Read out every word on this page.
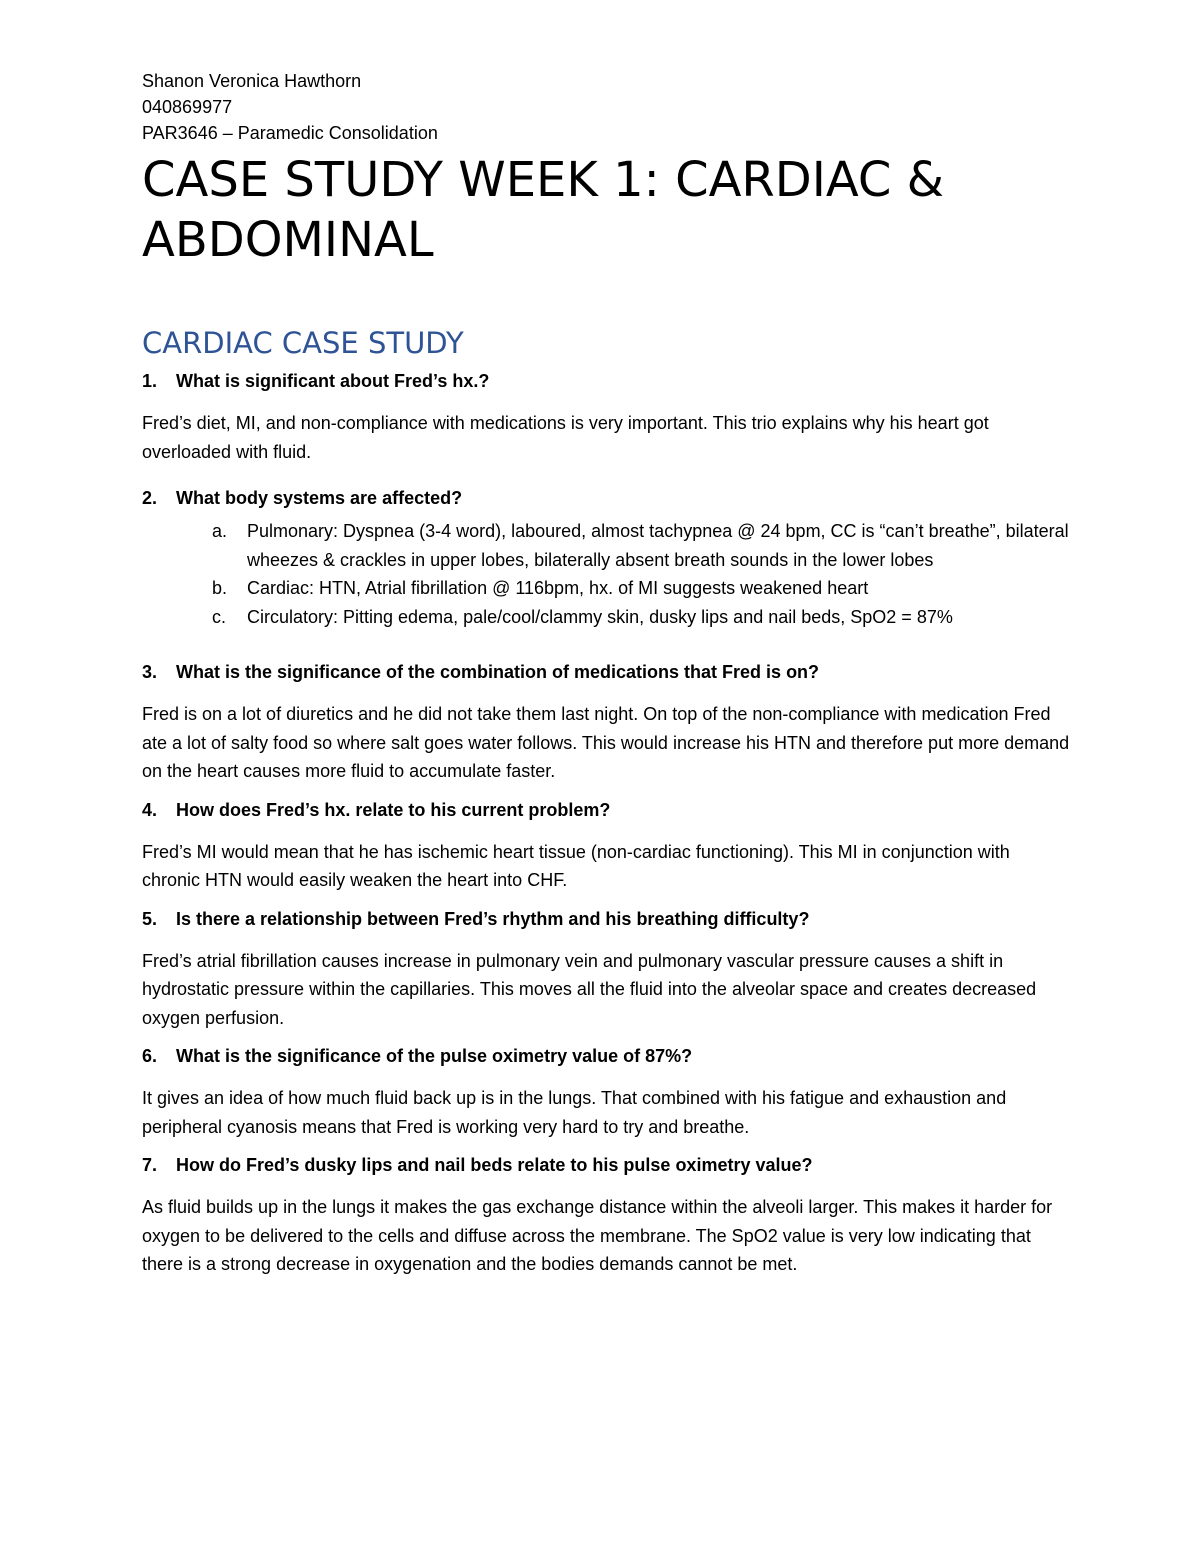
Shanon Veronica Hawthorn

040869977

PAR3646 – Paramedic Consolidation

CASE STUDY WEEK 1: CARDIAC & ABDOMINAL
CARDIAC CASE STUDY
1.	What is significant about Fred’s hx.?

Fred’s diet, MI, and non-compliance with medications is very important. This trio explains why his heart got overloaded with fluid.

2.	What body systems are affected?
a.	Pulmonary: Dyspnea (3-4 word), laboured, almost tachypnea @ 24 bpm, CC is “can’t breathe”, bilateral wheezes & crackles in upper lobes, bilaterally absent breath sounds in the lower lobes
b.	Cardiac: HTN, Atrial fibrillation @ 116bpm, hx. of MI suggests weakened heart
c.	Circulatory: Pitting edema, pale/cool/clammy skin, dusky lips and nail beds, SpO2 = 87%
3.	What is the significance of the combination of medications that Fred is on?

Fred is on a lot of diuretics and he did not take them last night. On top of the non-compliance with medication Fred ate a lot of salty food so where salt goes water follows. This would increase his HTN and therefore put more demand on the heart causes more fluid to accumulate faster.

4.	How does Fred’s hx. relate to his current problem?

Fred’s MI would mean that he has ischemic heart tissue (non-cardiac functioning). This MI in conjunction with chronic HTN would easily weaken the heart into CHF.

5.	Is there a relationship between Fred’s rhythm and his breathing difficulty?

Fred’s atrial fibrillation causes increase in pulmonary vein and pulmonary vascular pressure causes a shift in hydrostatic pressure within the capillaries. This moves all the fluid into the alveolar space and creates decreased oxygen perfusion.

6.	What is the significance of the pulse oximetry value of 87%?

It gives an idea of how much fluid back up is in the lungs. That combined with his fatigue and exhaustion and peripheral cyanosis means that Fred is working very hard to try and breathe.

7.	How do Fred’s dusky lips and nail beds relate to his pulse oximetry value?

As fluid builds up in the lungs it makes the gas exchange distance within the alveoli larger. This makes it harder for oxygen to be delivered to the cells and diffuse across the membrane. The SpO2 value is very low indicating that there is a strong decrease in oxygenation and the bodies demands cannot be met.
